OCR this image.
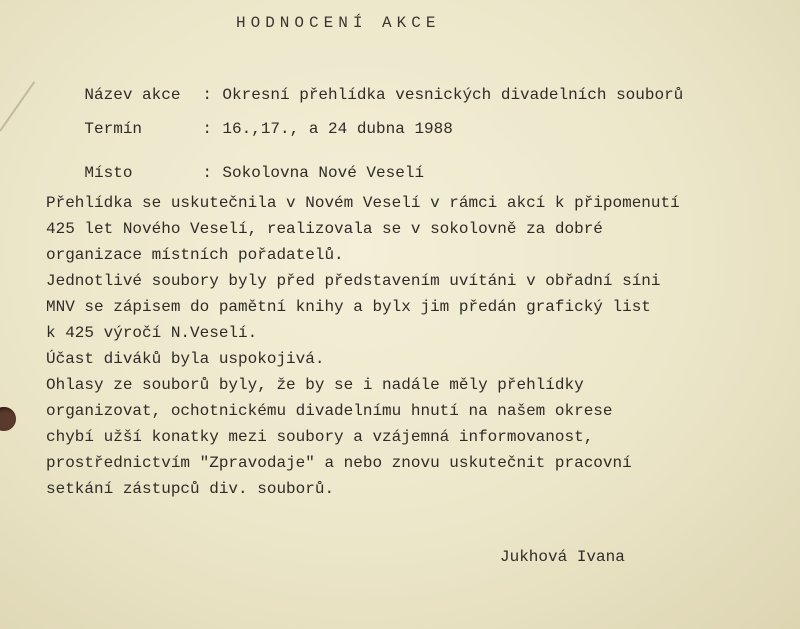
HODNOCENÍ AKCE

Název akce : Okresní přehlídka vesnických divadelních souborů

Termín	: 16.,17., a 24 dubna 1988

Místo	: Sokolovna Nové Veselí

Přehlídka se uskutečnila v Novém Veselí v rámci akcí k připomenutí
425 let Nového Veselí, realizovala se v sokolovně za dobré
organizace místních pořadatelů.
Jednotlivé soubory byly před představením uvítáni v obřadní síni
MNV se zápisem do pamětní knihy a bylx jim předán grafický list
k 425 výročí N.Veselí.
Účast diváků byla uspokojivá.
Ohlasy ze souborů byly, že by se i nadále měly přehlídky
organizovat, ochotnickému divadelnímu hnutí na našem okrese
chybí užší konatky mezi soubory a vzájemná informovanost,
prostřednictvím "Zpravodaje" a nebo znovu uskutečnit pracovní
setkání zástupců div. souborů.
Jukhová Ivana
